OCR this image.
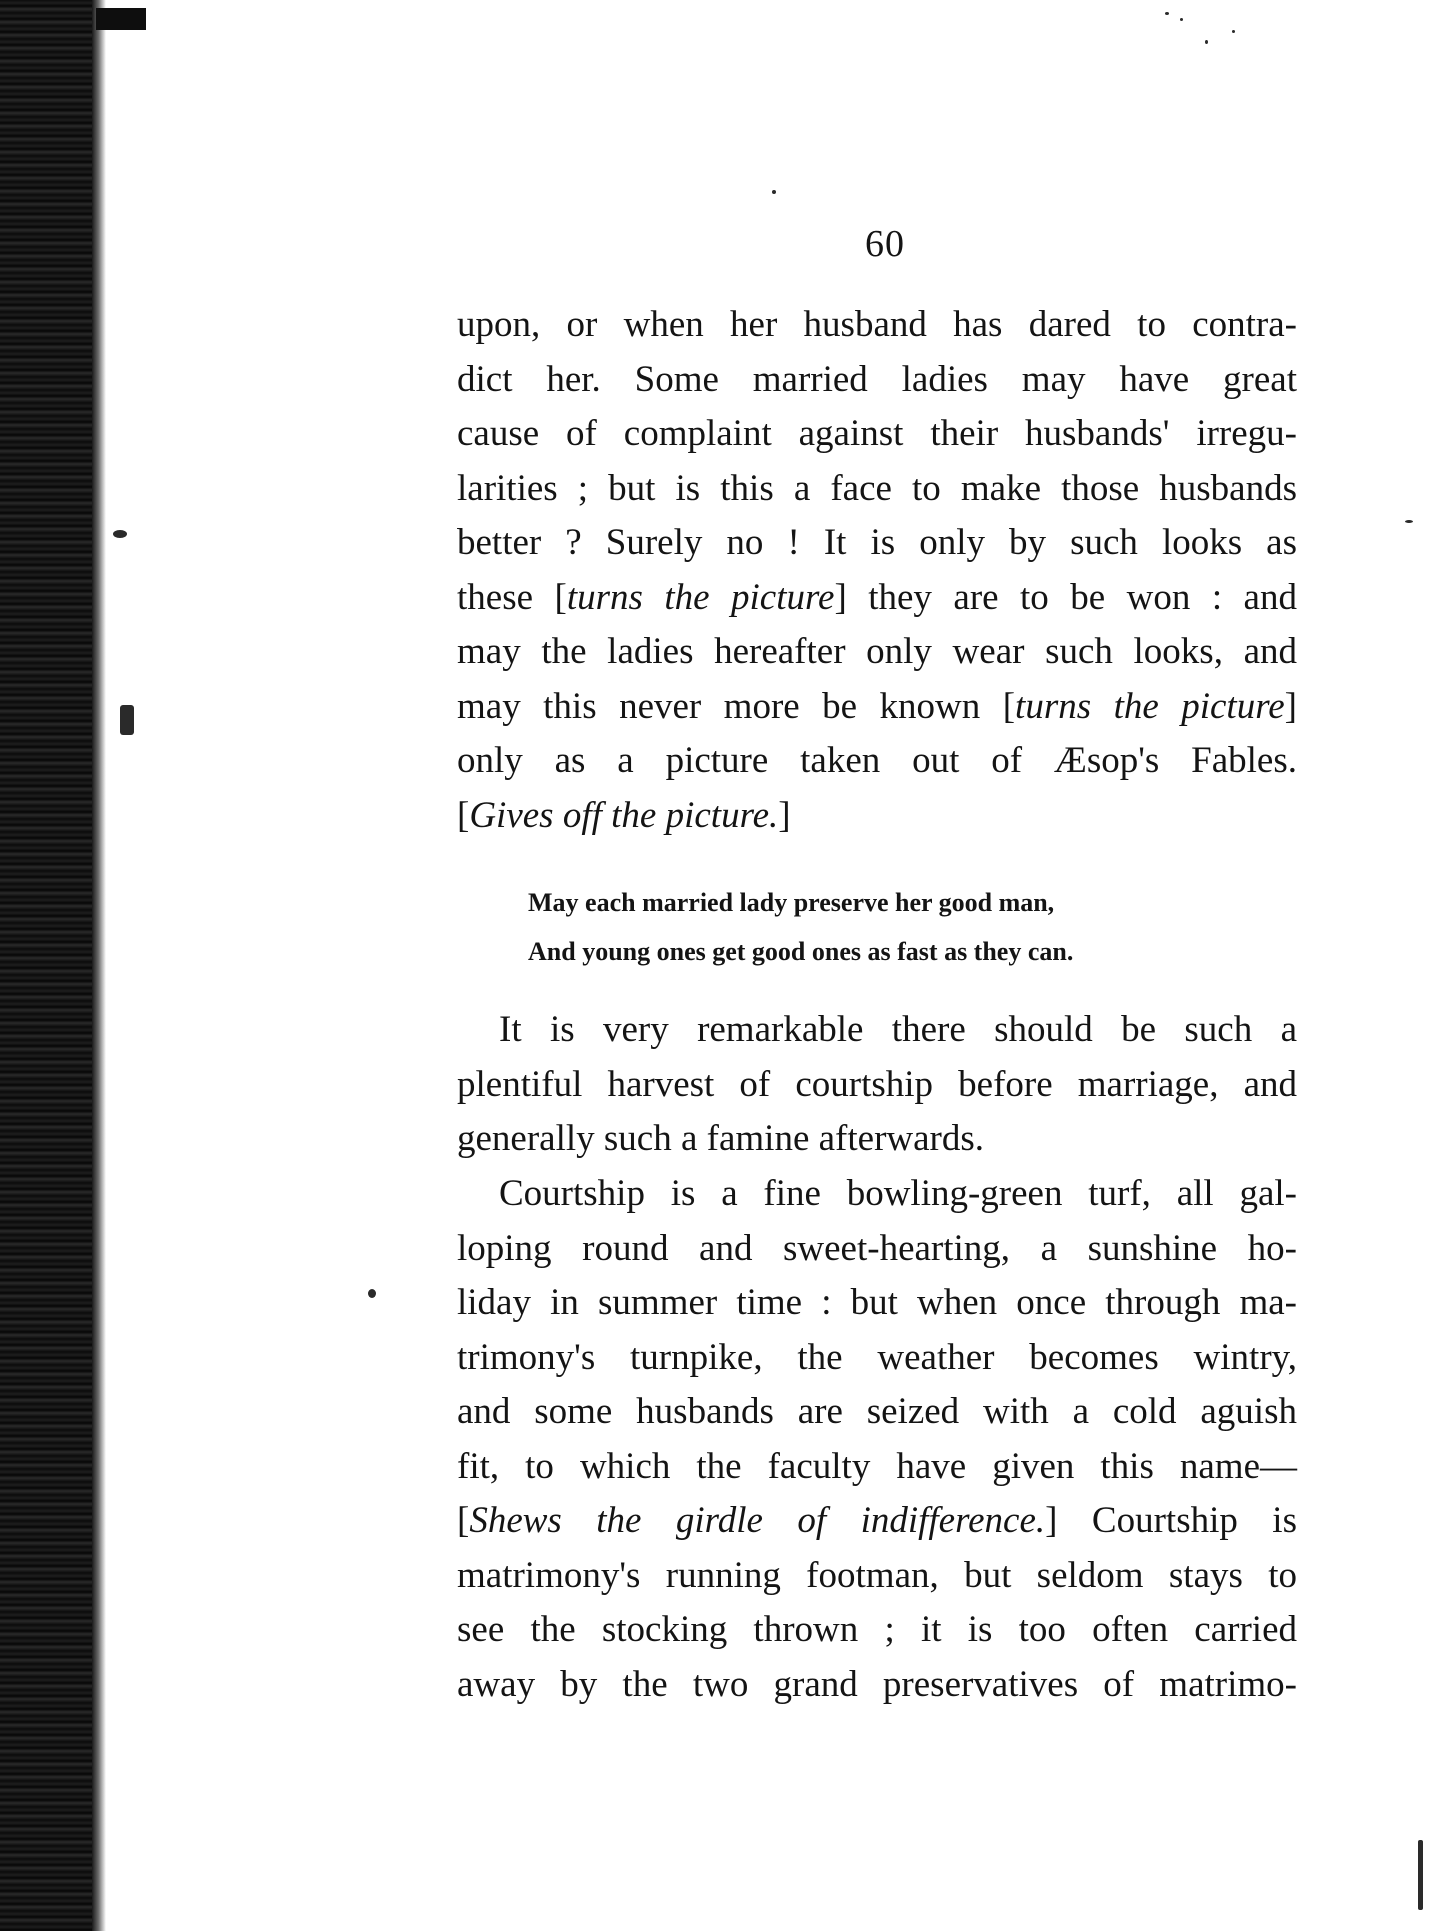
60
upon, or when her husband has dared to contra-
dict her. Some married ladies may have great
cause of complaint against their husbands' irregu-
larities ; but is this a face to make those husbands
better ? Surely no ! It is only by such looks as
these [turns the picture] they are to be won : and
may the ladies hereafter only wear such looks, and
may this never more be known [turns the picture]
only as a picture taken out of Æsop's Fables.
[Gives off the picture.]
May each married lady preserve her good man,
And young ones get good ones as fast as they can.
It is very remarkable there should be such a
plentiful harvest of courtship before marriage, and
generally such a famine afterwards.
Courtship is a fine bowling-green turf, all gal-
loping round and sweet-hearting, a sunshine ho-
liday in summer time : but when once through ma-
trimony's turnpike, the weather becomes wintry,
and some husbands are seized with a cold aguish
fit, to which the faculty have given this name—
[Shews the girdle of indifference.] Courtship is
matrimony's running footman, but seldom stays to
see the stocking thrown ; it is too often carried
away by the two grand preservatives of matrimo-
